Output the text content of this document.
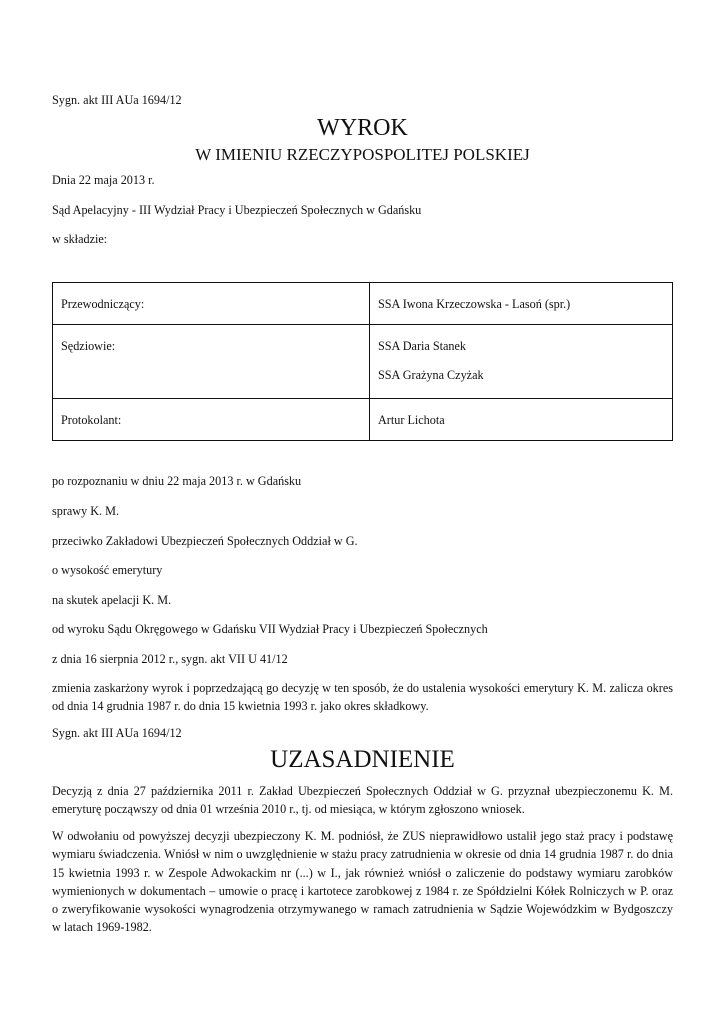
Sygn. akt III AUa 1694/12

WYROK
W IMIENIU RZECZYPOSPOLITEJ POLSKIEJ

Dnia 22 maja 2013 r.

Sąd Apelacyjny - III Wydział Pracy i Ubezpieczeń Społecznych w Gdańsku

w składzie:

Przewodniczący:	SSA Iwona Krzeczowska - Lasoń (spr.)
Sędziowie:	SSA Daria Stanek
SSA Grażyna Czyżak

Protokolant:	Artur Lichota

po rozpoznaniu w dniu 22 maja 2013 r. w Gdańsku

sprawy K. M.

przeciwko Zakładowi Ubezpieczeń Społecznych Oddział w G.

o wysokość emerytury

na skutek apelacji K. M.

od wyroku Sądu Okręgowego w Gdańsku VII Wydział Pracy i Ubezpieczeń Społecznych

z dnia 16 sierpnia 2012 r., sygn. akt VII U 41/12

zmienia zaskarżony wyrok i poprzedzającą go decyzję w ten sposób, że do ustalenia wysokości emerytury K. M. zalicza okres od dnia 14 grudnia 1987 r. do dnia 15 kwietnia 1993 r. jako okres składkowy.

Sygn. akt III AUa 1694/12

UZASADNIENIE

Decyzją z dnia 27 października 2011 r. Zakład Ubezpieczeń Społecznych Oddział w G. przyznał ubezpieczonemu K. M. emeryturę począwszy od dnia 01 września 2010 r., tj. od miesiąca, w którym zgłoszono wniosek.

W odwołaniu od powyższej decyzji ubezpieczony K. M. podniósł, że ZUS nieprawidłowo ustalił jego staż pracy i podstawę wymiaru świadczenia. Wniósł w nim o uwzględnienie w stażu pracy zatrudnienia w okresie od dnia 14 grudnia 1987 r. do dnia 15 kwietnia 1993 r. w Zespole Adwokackim nr (...) w I., jak również wniósł o zaliczenie do podstawy wymiaru zarobków wymienionych w dokumentach – umowie o pracę i kartotece zarobkowej z 1984 r. ze Spółdzielni Kółek Rolniczych w P. oraz o zweryfikowanie wysokości wynagrodzenia otrzymywanego w ramach zatrudnienia w Sądzie Wojewódzkim w Bydgoszczy w latach 1969-1982.
